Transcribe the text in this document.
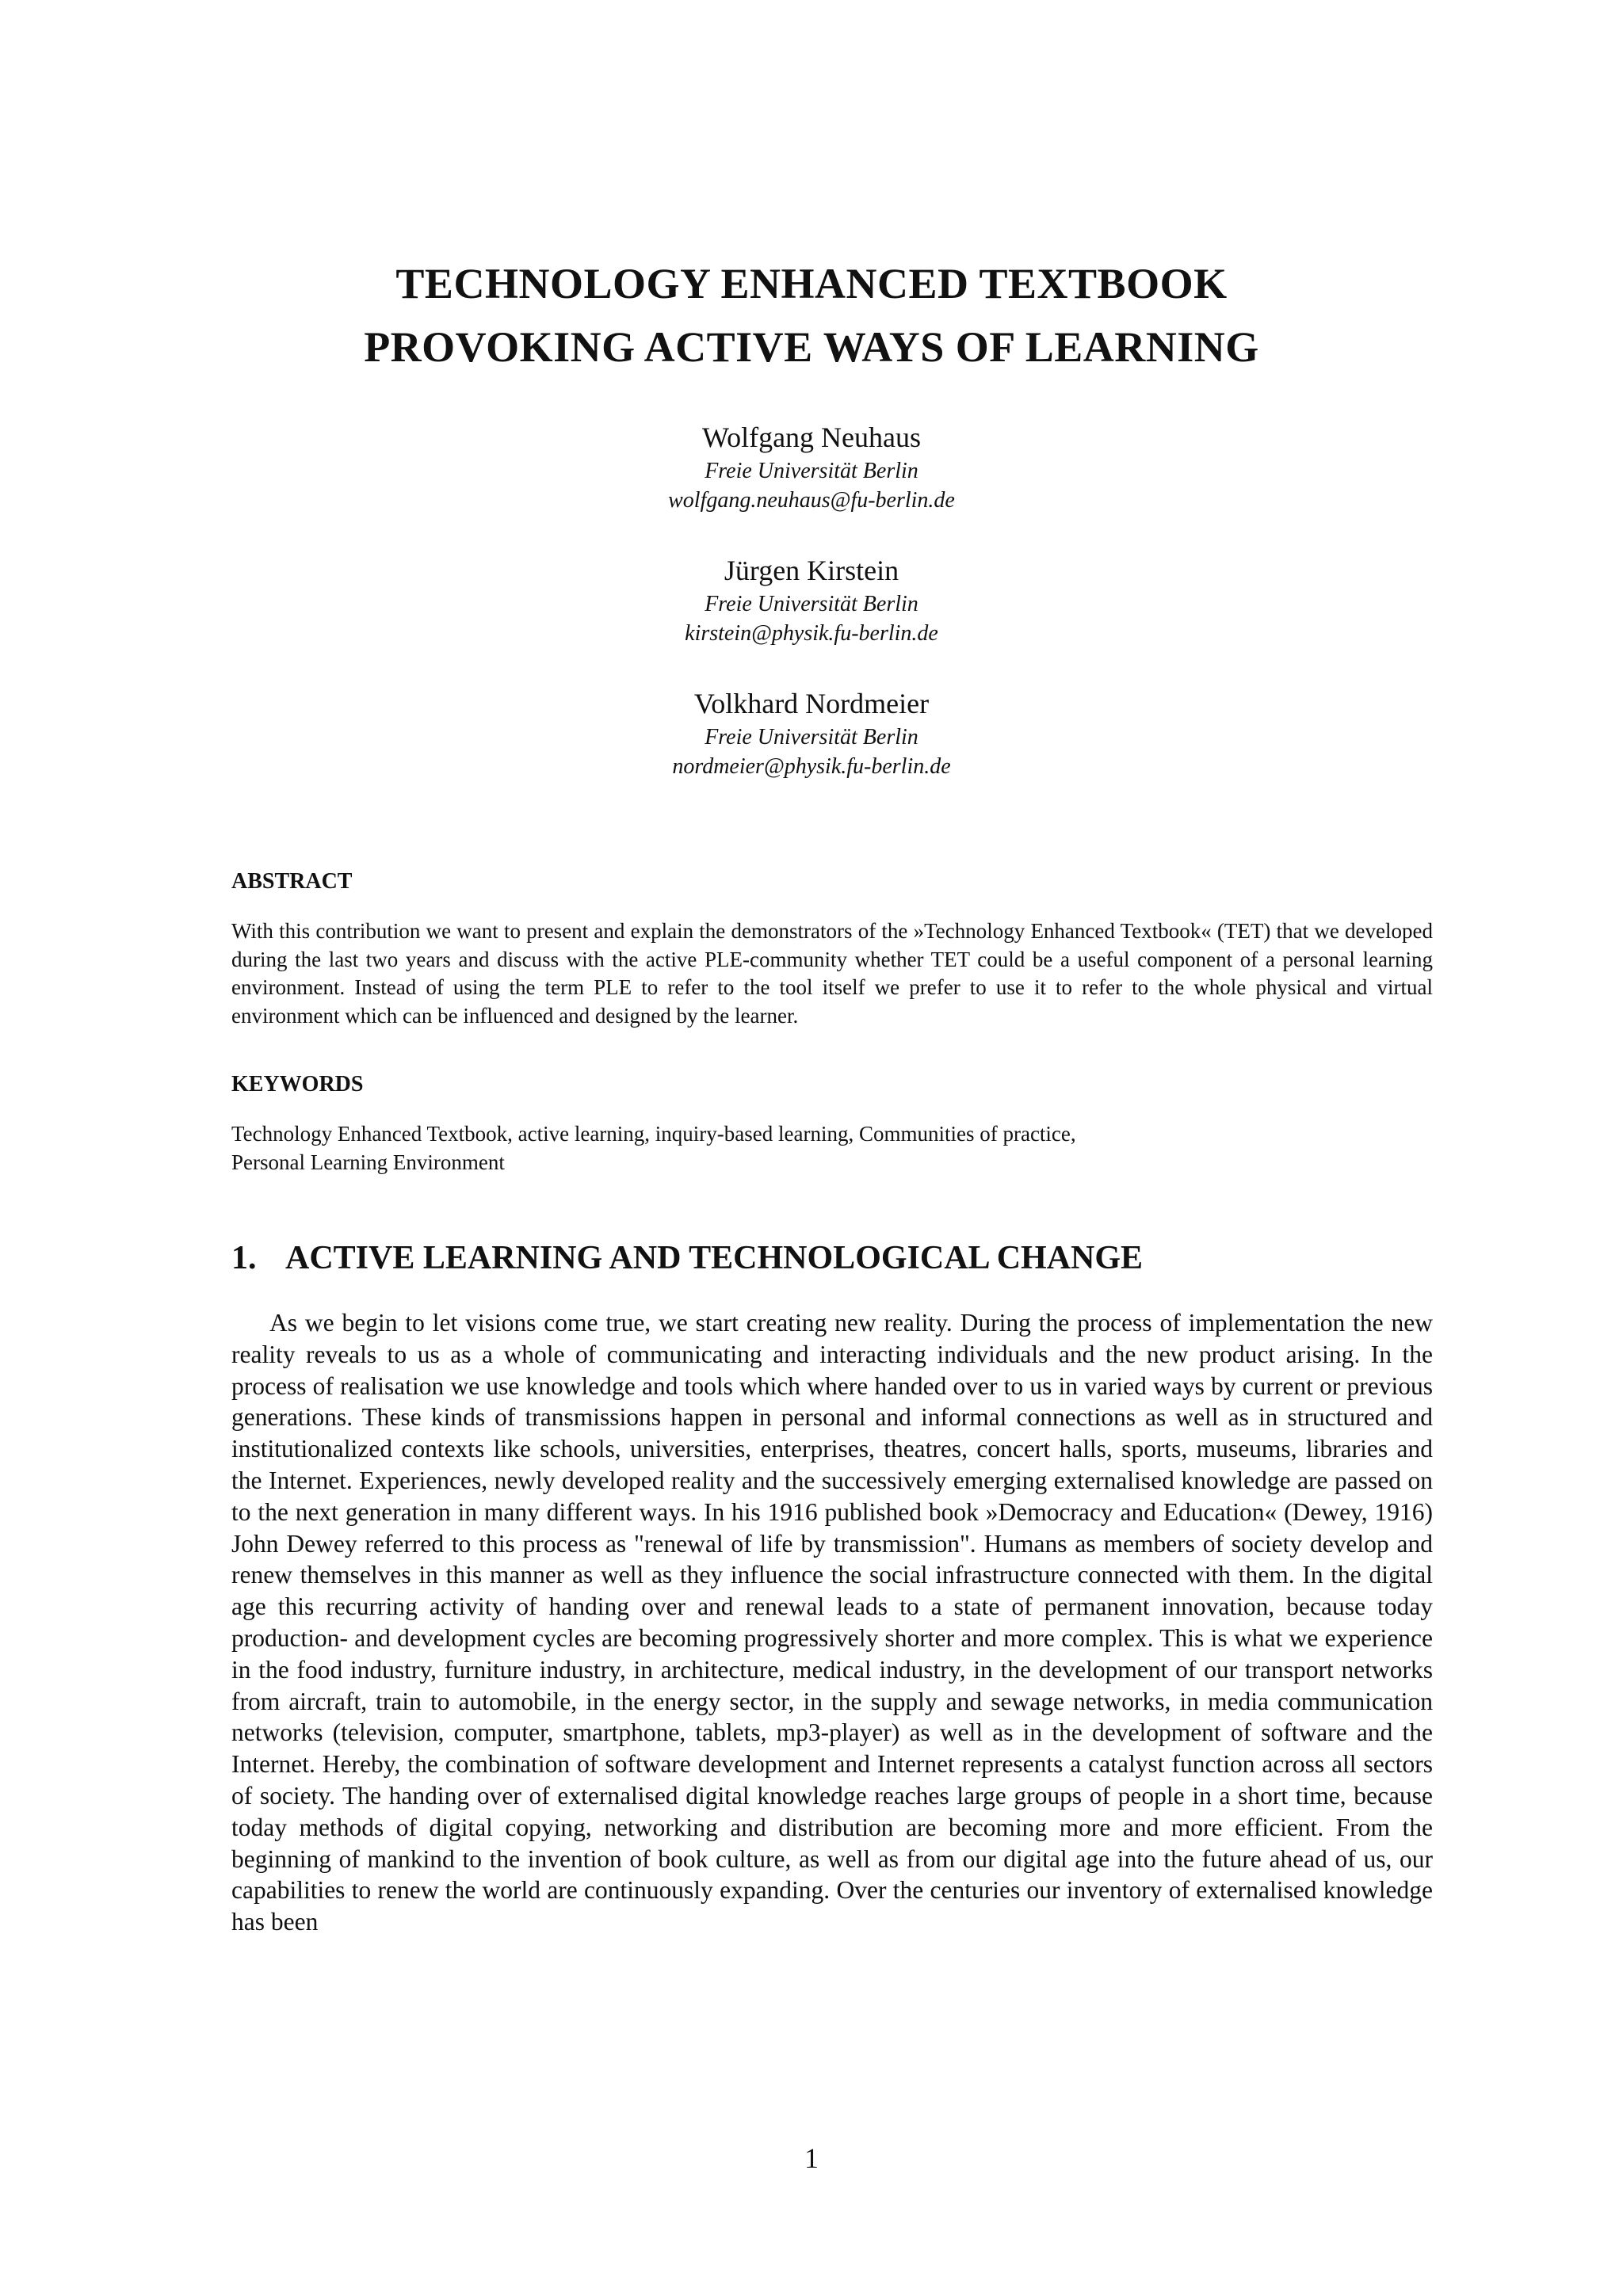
TECHNOLOGY ENHANCED TEXTBOOK
PROVOKING ACTIVE WAYS OF LEARNING
Wolfgang Neuhaus
Freie Universität Berlin
wolfgang.neuhaus@fu-berlin.de
Jürgen Kirstein
Freie Universität Berlin
kirstein@physik.fu-berlin.de
Volkhard Nordmeier
Freie Universität Berlin
nordmeier@physik.fu-berlin.de
ABSTRACT
With this contribution we want to present and explain the demonstrators of the »Technology Enhanced Textbook« (TET) that we developed during the last two years and discuss with the active PLE-community whether TET could be a useful component of a personal learning environment. Instead of using the term PLE to refer to the tool itself we prefer to use it to refer to the whole physical and virtual environment which can be influenced and designed by the learner.
KEYWORDS
Technology Enhanced Textbook, active learning, inquiry-based learning, Communities of practice,
Personal Learning Environment
1. ACTIVE LEARNING AND TECHNOLOGICAL CHANGE

As we begin to let visions come true, we start creating new reality. During the process of implementation the new reality reveals to us as a whole of communicating and interacting individuals and the new product arising. In the process of realisation we use knowledge and tools which where handed over to us in varied ways by current or previous generations. These kinds of transmissions happen in personal and informal connections as well as in structured and institutionalized contexts like schools, universities, enterprises, theatres, concert halls, sports, museums, libraries and the Internet. Experiences, newly developed reality and the successively emerging externalised knowledge are passed on to the next generation in many different ways. In his 1916 published book »Democracy and Education« (Dewey, 1916) John Dewey referred to this process as "renewal of life by transmission". Humans as members of society develop and renew themselves in this manner as well as they influence the social infrastructure connected with them. In the digital age this recurring activity of handing over and renewal leads to a state of permanent innovation, because today production- and development cycles are becoming progressively shorter and more complex. This is what we experience in the food industry, furniture industry, in architecture, medical industry, in the development of our transport networks from aircraft, train to automobile, in the energy sector, in the supply and sewage networks, in media communication networks (television, computer, smartphone, tablets, mp3-player) as well as in the development of software and the Internet. Hereby, the combination of software development and Internet represents a catalyst function across all sectors of society. The handing over of externalised digital knowledge reaches large groups of people in a short time, because today methods of digital copying, networking and distribution are becoming more and more efficient. From the beginning of mankind to the invention of book culture, as well as from our digital age into the future ahead of us, our capabilities to renew the world are continuously expanding. Over the centuries our inventory of externalised knowledge has been

1
